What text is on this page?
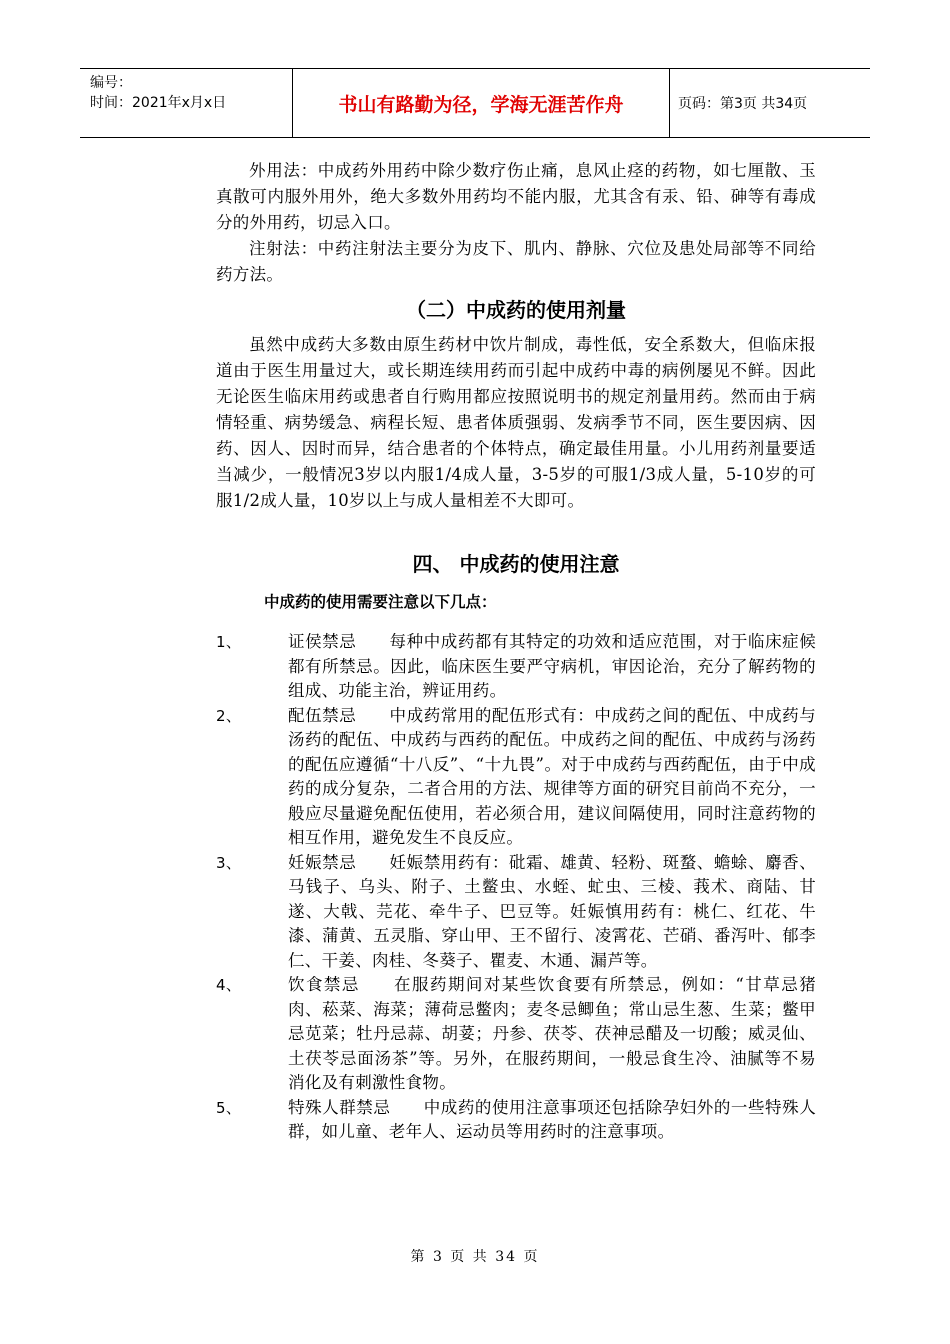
编号：
时间：2021年x月x日	书山有路勤为径，学海无涯苦作舟	页码：第3页 共34页

外用法：中成药外用药中除少数疗伤止痛，息风止痉的药物，如七厘散、玉真散可内服外用外，绝大多数外用药均不能内服，尤其含有汞、铅、砷等有毒成分的外用药，切忌入口。

注射法：中药注射法主要分为皮下、肌内、静脉、穴位及患处局部等不同给药方法。

（二）中成药的使用剂量

虽然中成药大多数由原生药材中饮片制成，毒性低，安全系数大，但临床报道由于医生用量过大，或长期连续用药而引起中成药中毒的病例屡见不鲜。因此无论医生临床用药或患者自行购用都应按照说明书的规定剂量用药。然而由于病情轻重、病势缓急、病程长短、患者体质强弱、发病季节不同，医生要因病、因药、因人、因时而异，结合患者的个体特点，确定最佳用量。小儿用药剂量要适当减少，一般情况3岁以内服1/4成人量，3-5岁的可服1/3成人量，5-10岁的可服1/2成人量，10岁以上与成人量相差不大即可。

四、 中成药的使用注意
中成药的使用需要注意以下几点：
1、	证侯禁忌 每种中成药都有其特定的功效和适应范围，对于临床症候都有所禁忌。因此，临床医生要严守病机，审因论治，充分了解药物的组成、功能主治，辨证用药。
2、	配伍禁忌 中成药常用的配伍形式有：中成药之间的配伍、中成药与汤药的配伍、中成药与西药的配伍。中成药之间的配伍、中成药与汤药的配伍应遵循“十八反”、“十九畏”。对于中成药与西药配伍，由于中成药的成分复杂，二者合用的方法、规律等方面的研究目前尚不充分，一般应尽量避免配伍使用，若必须合用，建议间隔使用，同时注意药物的相互作用，避免发生不良反应。
3、	妊娠禁忌 妊娠禁用药有：砒霜、雄黄、轻粉、斑蝥、蟾蜍、麝香、马钱子、乌头、附子、土鳖虫、水蛭、虻虫、三棱、莪术、商陆、甘遂、大戟、芫花、牵牛子、巴豆等。妊娠慎用药有：桃仁、红花、牛漆、蒲黄、五灵脂、穿山甲、王不留行、凌霄花、芒硝、番泻叶、郁李仁、干姜、肉桂、冬葵子、瞿麦、木通、漏芦等。
4、	饮食禁忌 在服药期间对某些饮食要有所禁忌，例如：“甘草忌猪肉、菘菜、海菜；薄荷忌鳖肉；麦冬忌鲫鱼；常山忌生葱、生菜；鳖甲忌苋菜；牡丹忌蒜、胡荽；丹参、茯苓、茯神忌醋及一切酸；威灵仙、土茯苓忌面汤茶”等。另外，在服药期间，一般忌食生冷、油腻等不易消化及有刺激性食物。
5、	特殊人群禁忌 中成药的使用注意事项还包括除孕妇外的一些特殊人群，如儿童、老年人、运动员等用药时的注意事项。
第 3 页 共 34 页
